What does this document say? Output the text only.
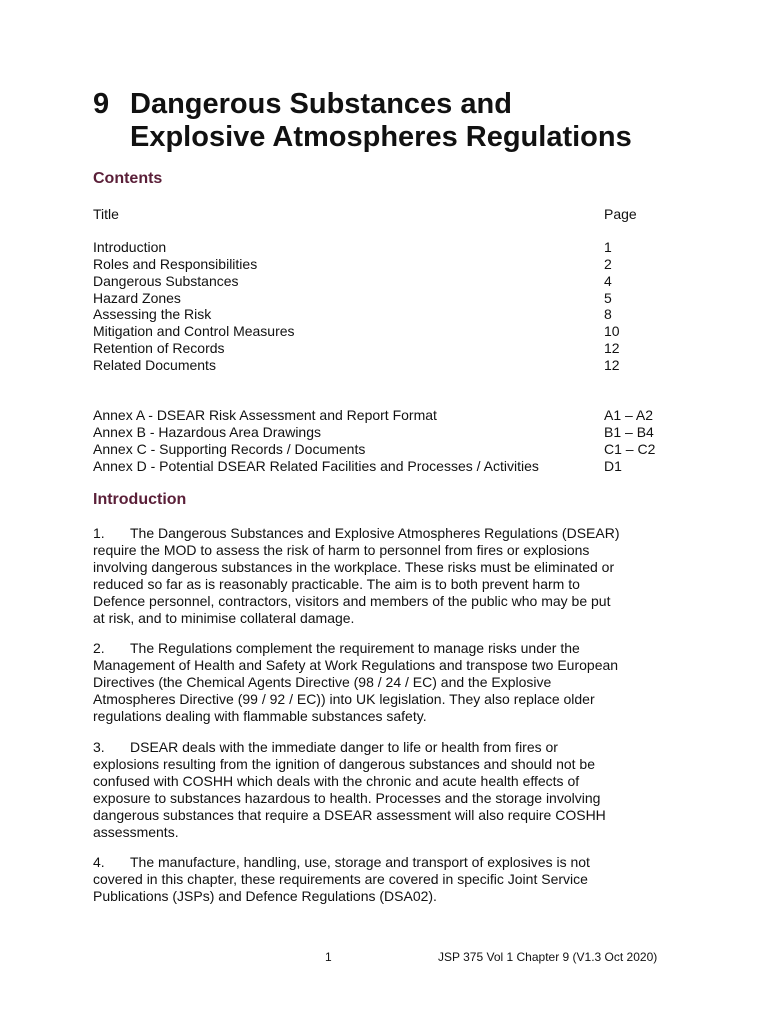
9 Dangerous Substances and
Explosive Atmospheres Regulations
Contents
Title	Page
Introduction	1
Roles and Responsibilities	2
Dangerous Substances	4
Hazard Zones	5
Assessing the Risk	8
Mitigation and Control Measures	10
Retention of Records	12
Related Documents	12
Annex A - DSEAR Risk Assessment and Report Format	A1 – A2
Annex B - Hazardous Area Drawings	B1 – B4
Annex C - Supporting Records / Documents	C1 – C2
Annex D - Potential DSEAR Related Facilities and Processes / Activities	D1
Introduction
1. The Dangerous Substances and Explosive Atmospheres Regulations (DSEAR)
require the MOD to assess the risk of harm to personnel from fires or explosions
involving dangerous substances in the workplace. These risks must be eliminated or
reduced so far as is reasonably practicable. The aim is to both prevent harm to
Defence personnel, contractors, visitors and members of the public who may be put
at risk, and to minimise collateral damage.
2. The Regulations complement the requirement to manage risks under the
Management of Health and Safety at Work Regulations and transpose two European
Directives (the Chemical Agents Directive (98 / 24 / EC) and the Explosive
Atmospheres Directive (99 / 92 / EC)) into UK legislation. They also replace older
regulations dealing with flammable substances safety.
3. DSEAR deals with the immediate danger to life or health from fires or
explosions resulting from the ignition of dangerous substances and should not be
confused with COSHH which deals with the chronic and acute health effects of
exposure to substances hazardous to health. Processes and the storage involving
dangerous substances that require a DSEAR assessment will also require COSHH
assessments.
4. The manufacture, handling, use, storage and transport of explosives is not
covered in this chapter, these requirements are covered in specific Joint Service
Publications (JSPs) and Defence Regulations (DSA02).
1	JSP 375 Vol 1 Chapter 9 (V1.3 Oct 2020)
